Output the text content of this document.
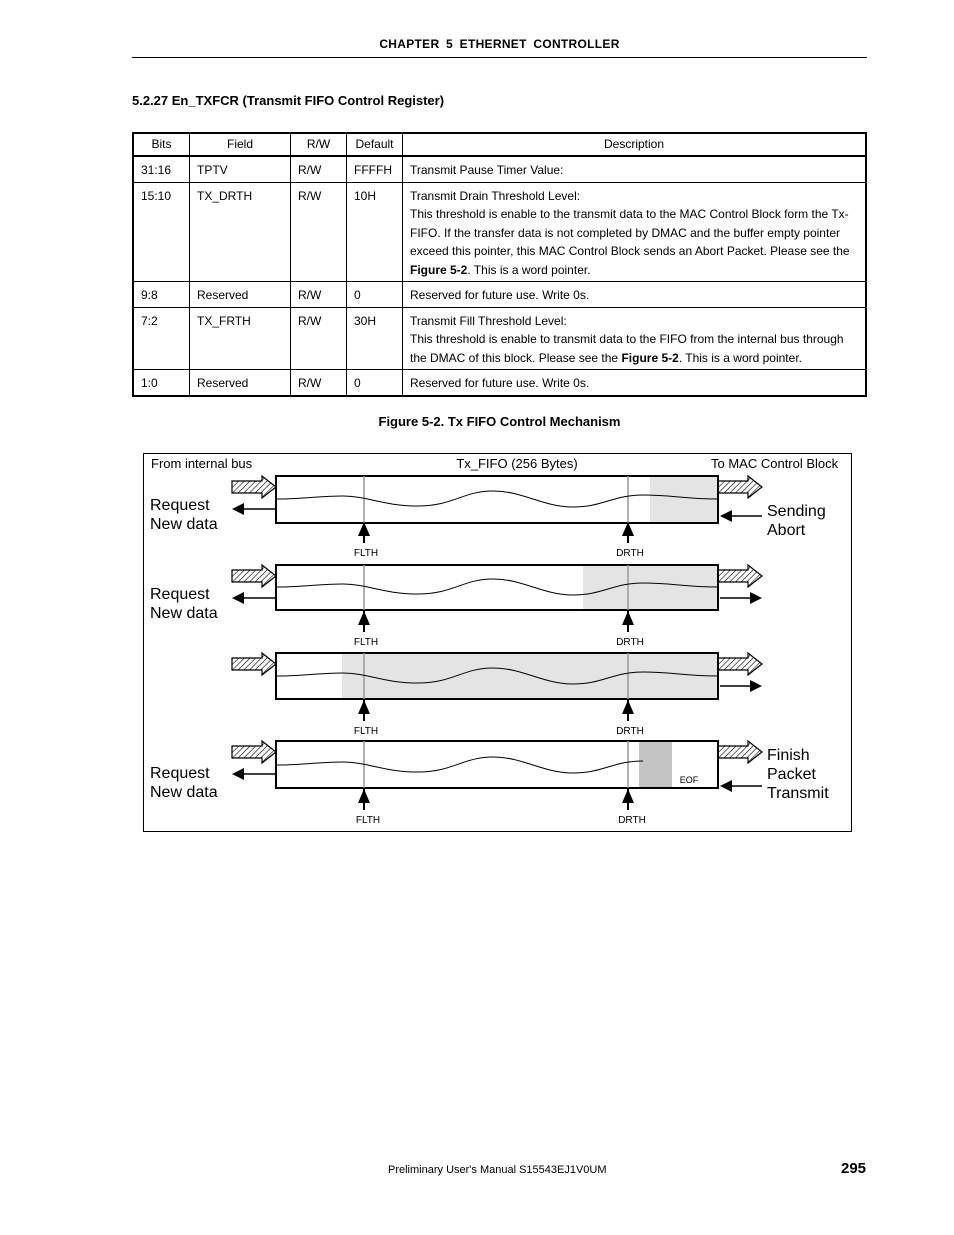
CHAPTER 5 ETHERNET CONTROLLER
5.2.27 En_TXFCR (Transmit FIFO Control Register)
Bits	Field	R/W	Default	Description
31:16	TPTV	R/W	FFFFH	Transmit Pause Timer Value:
15:10	TX_DRTH	R/W	10H	Transmit Drain Threshold Level:
This threshold is enable to the transmit data to the MAC Control Block form the Tx-FIFO. If the transfer data is not completed by DMAC and the buffer empty pointer exceed this pointer, this MAC Control Block sends an Abort Packet. Please see the Figure 5-2. This is a word pointer.
9:8	Reserved	R/W	0	Reserved for future use. Write 0s.
7:2	TX_FRTH	R/W	30H	Transmit Fill Threshold Level:
This threshold is enable to transmit data to the FIFO from the internal bus through the DMAC of this block. Please see the Figure 5-2. This is a word pointer.
1:0	Reserved	R/W	0	Reserved for future use. Write 0s.
Figure 5-2. Tx FIFO Control Mechanism
From internal bus	Tx_FIFO (256 Bytes)	To MAC Control Block
FLTH	DRTH
Request
New data
Sending
Abort
FLTH	DRTH
Request
New data
FLTH	DRTH
EOF
FLTH	DRTH
Request
New data
Finish
Packet
Transmit
Preliminary User's Manual S15543EJ1V0UM	295
